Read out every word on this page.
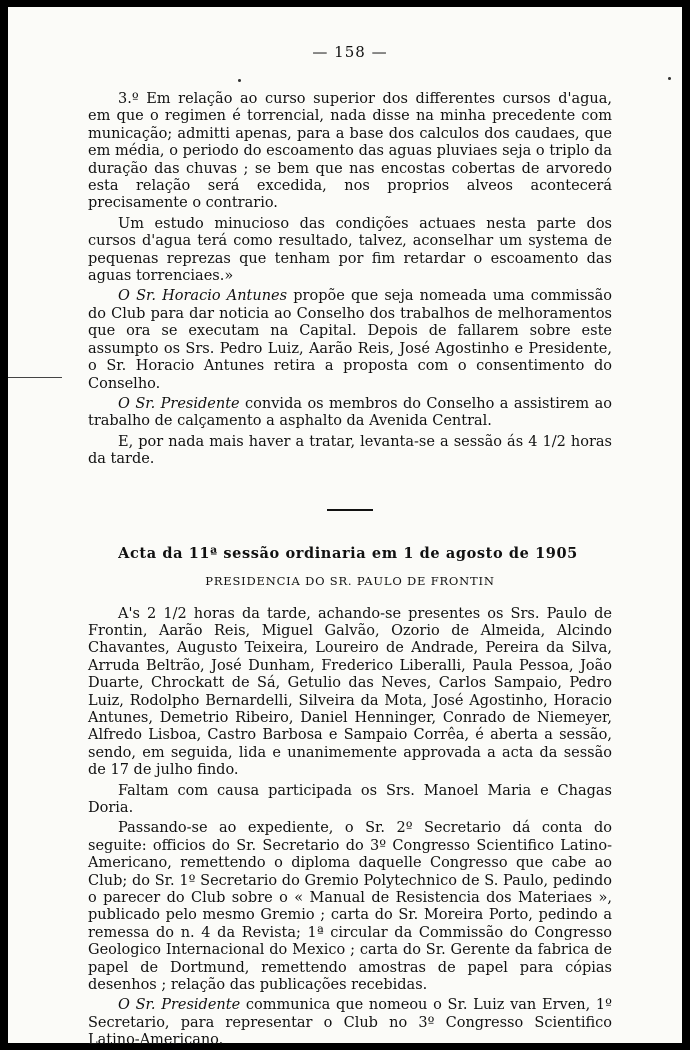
— 158 —

3.º Em relação ao curso superior dos differentes cursos d'agua, em que o regimen é torrencial, nada disse na minha precedente com municação; admitti apenas, para a base dos calculos dos caudaes, que em média, o periodo do escoamento das aguas pluviaes seja o triplo da duração das chuvas ; se bem que nas encostas cobertas de arvoredo esta relação será excedida, nos proprios alveos acontecerá precisamente o contrario.

Um estudo minucioso das condições actuaes nesta parte dos cursos d'agua terá como resultado, talvez, aconselhar um systema de pequenas reprezas que tenham por fim retardar o escoamento das aguas torrenciaes.»

O Sr. Horacio Antunes propõe que seja nomeada uma commissão do Club para dar noticia ao Conselho dos trabalhos de melhoramentos que ora se executam na Capital. Depois de fallarem sobre este assumpto os Srs. Pedro Luiz, Aarão Reis, José Agostinho e Presidente, o Sr. Horacio Antunes retira a proposta com o consentimento do Conselho.

O Sr. Presidente convida os membros do Conselho a assistirem ao trabalho de calçamento a asphalto da Avenida Central.

E, por nada mais haver a tratar, levanta-se a sessão ás 4 1/2 horas da tarde.

Acta da 11ª sessão ordinaria em 1 de agosto de 1905
PRESIDENCIA DO SR. PAULO DE FRONTIN

A's 2 1/2 horas da tarde, achando-se presentes os Srs. Paulo de Frontin, Aarão Reis, Miguel Galvão, Ozorio de Almeida, Alcindo Chavantes, Augusto Teixeira, Loureiro de Andrade, Pereira da Silva, Arruda Beltrão, José Dunham, Frederico Liberalli, Paula Pessoa, João Duarte, Chrockatt de Sá, Getulio das Neves, Carlos Sampaio, Pedro Luiz, Rodolpho Bernardelli, Silveira da Mota, José Agostinho, Horacio Antunes, Demetrio Ribeiro, Daniel Henninger, Conrado de Niemeyer, Alfredo Lisboa, Castro Barbosa e Sampaio Corrêa, é aberta a sessão, sendo, em seguida, lida e unanimemente approvada a acta da sessão de 17 de julho findo.

Faltam com causa participada os Srs. Manoel Maria e Chagas Doria.

Passando-se ao expediente, o Sr. 2º Secretario dá conta do seguite: officios do Sr. Secretario do 3º Congresso Scientifico Latino-Americano, remettendo o diploma daquelle Congresso que cabe ao Club; do Sr. 1º Secretario do Gremio Polytechnico de S. Paulo, pedindo o parecer do Club sobre o « Manual de Resistencia dos Materiaes », publicado pelo mesmo Gremio ; carta do Sr. Moreira Porto, pedindo a remessa do n. 4 da Revista; 1ª circular da Commissão do Congresso Geologico Internacional do Mexico ; carta do Sr. Gerente da fabrica de papel de Dortmund, remettendo amostras de papel para cópias desenhos ; relação das publicações recebidas.

O Sr. Presidente communica que nomeou o Sr. Luiz van Erven, 1º Secretario, para representar o Club no 3º Congresso Scientifico Latino-Americano.
